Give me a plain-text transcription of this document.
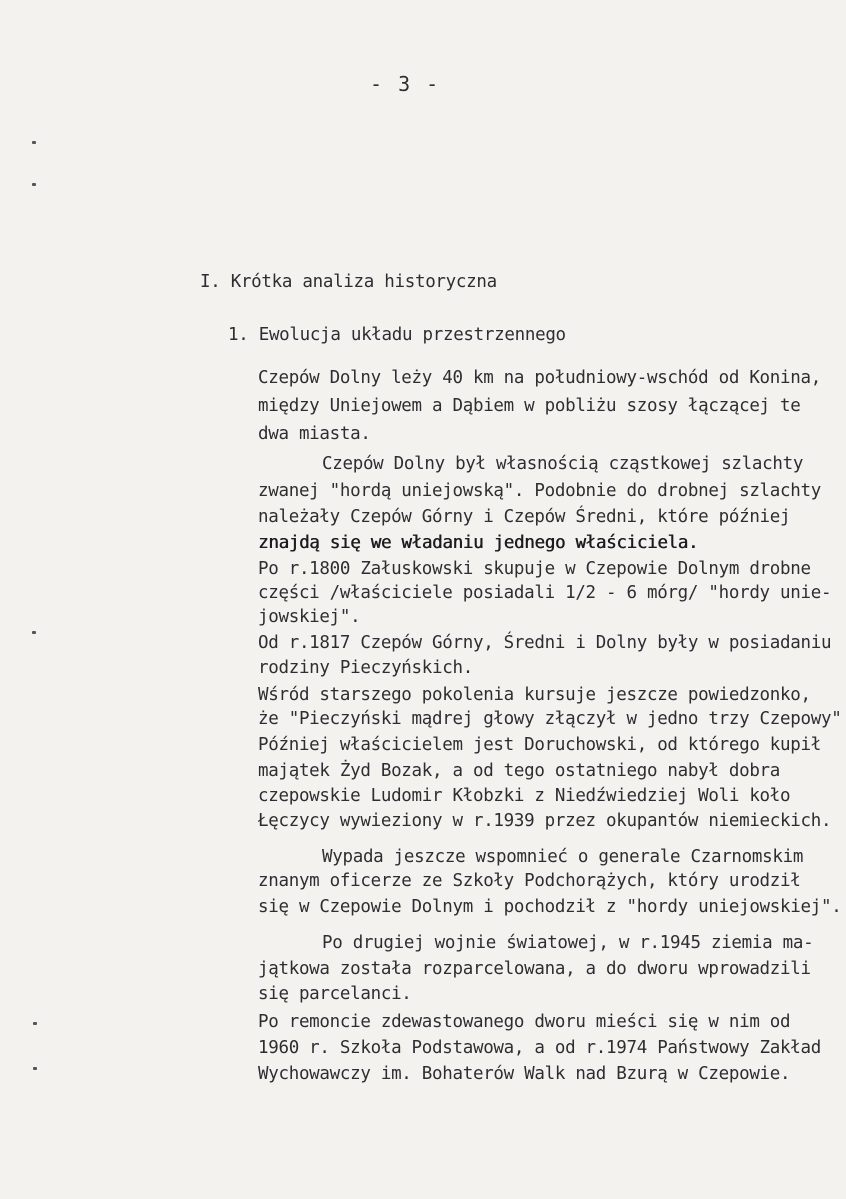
- 3 -
I. Krótka analiza historyczna
1. Ewolucja układu przestrzennego
Czepów Dolny leży 40 km na południowy-wschód od Konina,
między Uniejowem a Dąbiem w pobliżu szosy łączącej te
dwa miasta.
Czepów Dolny był własnością cząstkowej szlachty
zwanej "hordą uniejowską". Podobnie do drobnej szlachty
należały Czepów Górny i Czepów Średni, które później
znajdą się we władaniu jednego właściciela.
Po r.1800 Załuskowski skupuje w Czepowie Dolnym drobne
części /właściciele posiadali 1/2 - 6 mórg/ "hordy unie-
jowskiej".
Od r.1817 Czepów Górny, Średni i Dolny były w posiadaniu
rodziny Pieczyńskich.
Wśród starszego pokolenia kursuje jeszcze powiedzonko,
że "Pieczyński mądrej głowy złączył w jedno trzy Czepowy"
Później właścicielem jest Doruchowski, od którego kupił
majątek Żyd Bozak, a od tego ostatniego nabył dobra
czepowskie Ludomir Kłobzki z Niedźwiedziej Woli koło
Łęczycy wywieziony w r.1939 przez okupantów niemieckich.
Wypada jeszcze wspomnieć o generale Czarnomskim
znanym oficerze ze Szkoły Podchorążych, który urodził
się w Czepowie Dolnym i pochodził z "hordy uniejowskiej".
Po drugiej wojnie światowej, w r.1945 ziemia ma-
jątkowa została rozparcelowana, a do dworu wprowadzili
się parcelanci.
Po remoncie zdewastowanego dworu mieści się w nim od
1960 r. Szkoła Podstawowa, a od r.1974 Państwowy Zakład
Wychowawczy im. Bohaterów Walk nad Bzurą w Czepowie.
